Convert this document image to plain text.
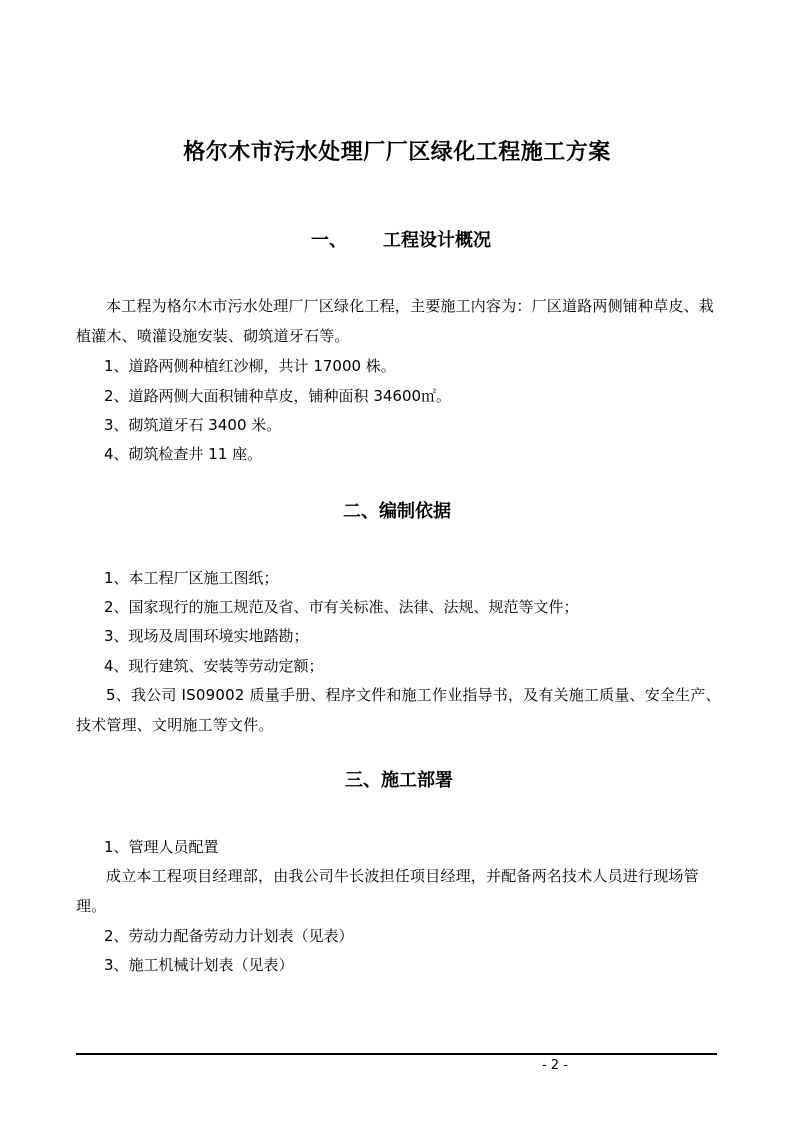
格尔木市污水处理厂厂区绿化工程施工方案
一、 工程设计概况

本工程为格尔木市污水处理厂厂区绿化工程，主要施工内容为：厂区道路两侧铺种草皮、栽植灌木、喷灌设施安装、砌筑道牙石等。

1、道路两侧种植红沙柳，共计 17000 株。

2、道路两侧大面积铺种草皮，铺种面积 34600㎡。

3、砌筑道牙石 3400 米。

4、砌筑检查井 11 座。

二、编制依据

1、本工程厂区施工图纸；

2、国家现行的施工规范及省、市有关标准、法律、法规、规范等文件；

3、现场及周围环境实地踏勘；

4、现行建筑、安装等劳动定额；

5、我公司 IS09002 质量手册、程序文件和施工作业指导书，及有关施工质量、安全生产、技术管理、文明施工等文件。

三、施工部署

1、管理人员配置

成立本工程项目经理部，由我公司牛长波担任项目经理，并配备两名技术人员进行现场管理。

2、劳动力配备劳动力计划表（见表）

3、施工机械计划表（见表）

- 2 -
